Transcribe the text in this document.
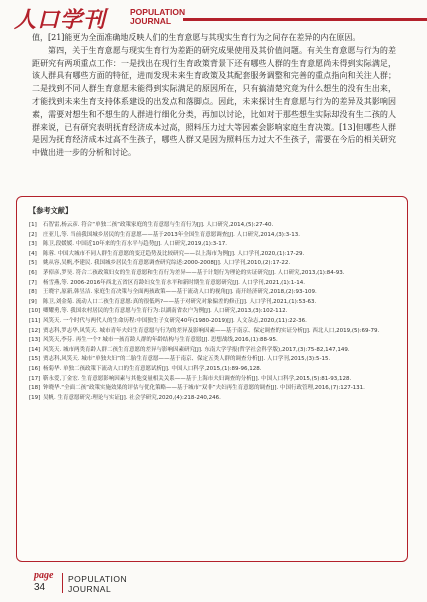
人口学刊	POPULATION
JOURNAL

值，[21]能更为全面准确地反映人们的生育意愿与其现实生育行为之间存在差异的内在原因。

第四，关于生育意愿与现实生育行为差距的研究成果使用及其价值问题。有关生育意愿与行为的差距研究有两项重点工作：一是找出在现行生育政策背景下还有哪些人群的生育意愿尚未得到实际满足，该人群具有哪些方面的特征，进而发现未来生育政策及其配套服务调整和完善的重点指向和关注人群；二是找到不同人群生育意愿未能得到实际满足的原因所在，只有搞清楚究竟为什么想生的没有生出来，才能找到未来生育支持体系建设的出发点和落脚点。因此，未来探讨生育意愿与行为的差异及其影响因素，需要对想生和不想生的人群进行细化分类，再加以讨论，比如对于那些想生实际却没有生二孩的人群来说，已有研究表明抚育经济成本过高，照料压力过大等因素会影响家庭生育决策。[13]但哪些人群是因为抚育经济成本过高不生孩子，哪些人群又是因为照料压力过大不生孩子，需要在今后的相关研究中做出进一步的分析和讨论。

【参考文献】
[1]	石智雷,杨云彦. 符合“单独二孩”政策家庭的生育意愿与生育行为[J]. 人口研究,2014,(5):27-40.
[2]	庄亚儿,等. 当前我国城乡居民的生育意愿——基于2013年全国生育意愿调查[J]. 人口研究,2014,(3):3-13.
[3]	陈卫,段媛媛. 中国近10年来的生育水平与趋势[J]. 人口研究,2019,(1):3-17.
[4]	陈蓉. 中国大城市不同人群生育意愿的变迁趋势及比较研究——以上海市为例[J]. 人口学刊,2020,(1):17-29.
[5]	姚从容,吴帆,李建民. 我国城乡居民生育意愿调查研究综述:2000-2008[J]. 人口学刊,2010,(2):17-22.
[6]	茅倬彦,罗昊. 符合二孩政策妇女的生育意愿和生育行为差异——基于计划行为理论的实证研究[J]. 人口研究,2013,(1):84-93.
[7]	杨雪燕,等. 2006-2016年西北五省区育龄妇女生育水平和新时期生育意愿研究[J]. 人口学刊,2021,(1):1-14.
[8]	王晓宇,原新,韩昱洁. 家庭生育决策与全面两孩政策——基于流动人口的视角[J]. 南开经济研究,2018,(2):93-109.
[9]	陈卫,刘金菊. 流动人口二孩生育意愿:真的很低吗?——基于对研究对象偏差的修正[J]. 人口学刊,2021,(1):53-63.
[10] 卿耀勇,等. 我国农村居民的生育意愿与生育行为:以湖南省农户为例[J]. 人口研究,2013,(3):102-112.
[11] 风笑天. 一个时代与两代人的生命历程:中国独生子女研究40年(1980-2019)[J]. 人文杂志,2020,(11):22-36.
[12] 贾志科,罗志华,风笑天. 城市青年夫妇生育意愿与行为的差异及影响因素——基于南京、保定调查的实证分析[J]. 西北人口,2019,(5):69-79.
[13] 风笑天,李芬. 再生一个? 城市一孩育龄人群的年龄结构与生育意愿[J]. 思想战线,2016,(1):88-95.
[14] 风笑天. 城市两类育龄人群二孩生育意愿的差异与影响因素研究[J]. 东南大学学报(哲学社会科学版),2017,(3):75-82,147,149.
[15] 贾志科,风笑天. 城市“单独夫妇”的二胎生育意愿——基于南京、保定五类人群的调查分析[J]. 人口学刊,2015,(3):5-15.
[16] 杨菊华. 单独二孩政策下流动人口的生育意愿试析[J]. 中国人口科学,2015,(1):89-96,128.
[17] 靳永爱,丁金宏. 生育意愿影响因素与其他变量相关关系——基于上海市夫妇调查的分析[J]. 中国人口科学,2015,(5):81-93,128.
[18] 钟晓华.“全面二孩”政策实施效果的评估与优化策略——基于城市“双非”夫妇再生育意愿的调查[J]. 中国行政管理,2016,(7):127-131.
[19] 吴帆. 生育意愿研究:理论与实证[J]. 社会学研究,2020,(4):218-240,246.
page
34
POPULATION
JOURNAL
